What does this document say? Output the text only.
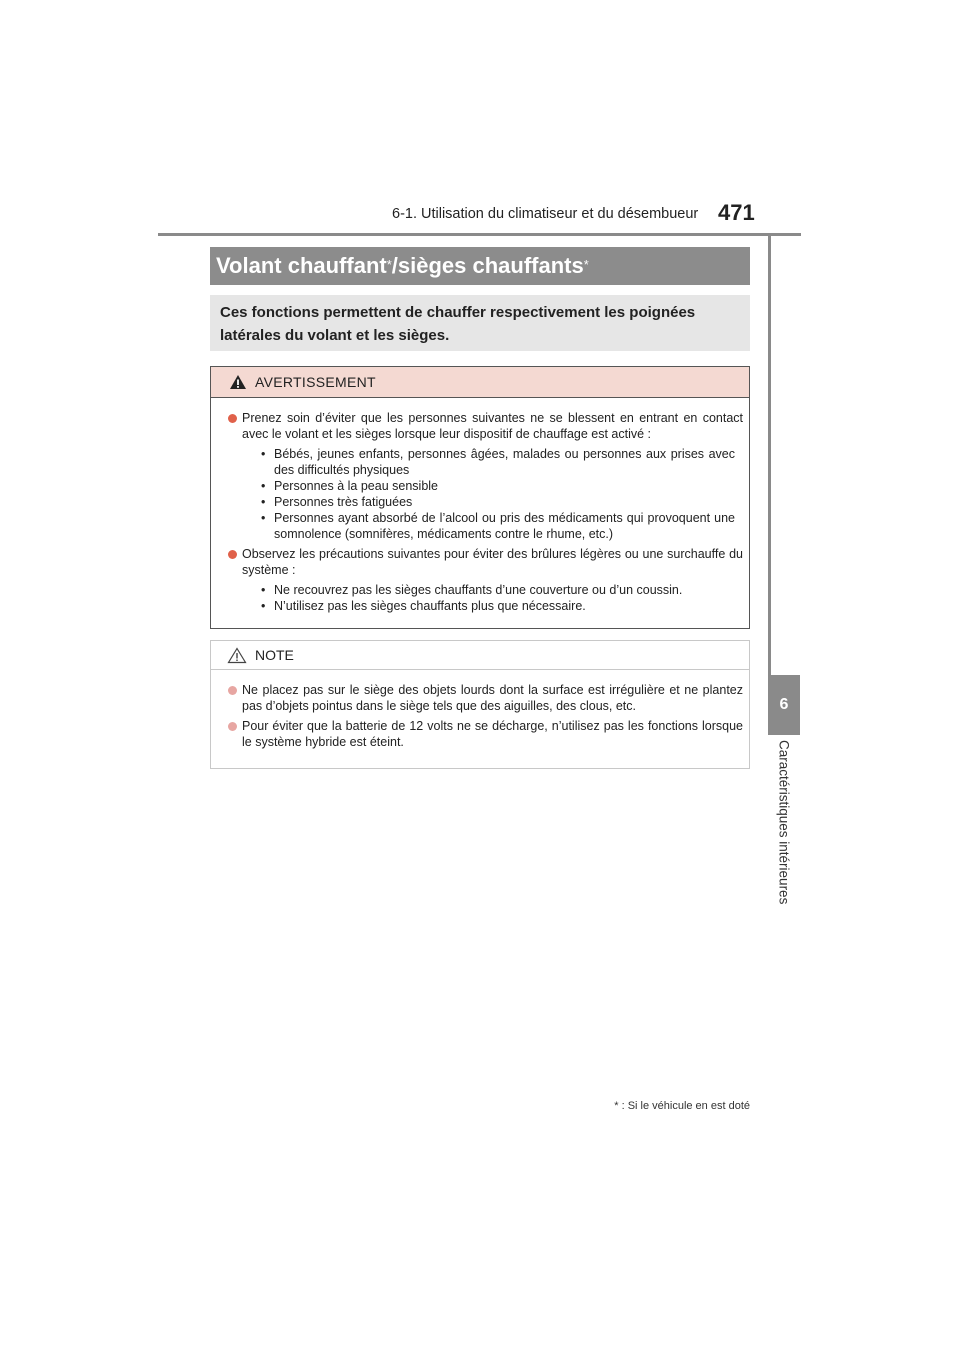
6-1. Utilisation du climatiseur et du désembueur 471
6
Caractéristiques intérieures
Volant chauffant* /sièges chauffants*
Ces fonctions permettent de chauffer respectivement les poignées latérales du volant et les sièges.
AVERTISSEMENT
Prenez soin d’éviter que les personnes suivantes ne se blessent en entrant en contact avec le volant et les sièges lorsque leur dispositif de chauffage est activé :
• Bébés, jeunes enfants, personnes âgées, malades ou personnes aux prises avec des difficultés physiques
• Personnes à la peau sensible
• Personnes très fatiguées
• Personnes ayant absorbé de l’alcool ou pris des médicaments qui provoquent une somnolence (somnifères, médicaments contre le rhume, etc.)
Observez les précautions suivantes pour éviter des brûlures légères ou une surchauffe du système :
• Ne recouvrez pas les sièges chauffants d’une couverture ou d’un coussin.
• N’utilisez pas les sièges chauffants plus que nécessaire.
NOTE
Ne placez pas sur le siège des objets lourds dont la surface est irrégulière et ne plantez pas d’objets pointus dans le siège tels que des aiguilles, des clous, etc.
Pour éviter que la batterie de 12 volts ne se décharge, n’utilisez pas les fonctions lorsque le système hybride est éteint.
* : Si le véhicule en est doté
